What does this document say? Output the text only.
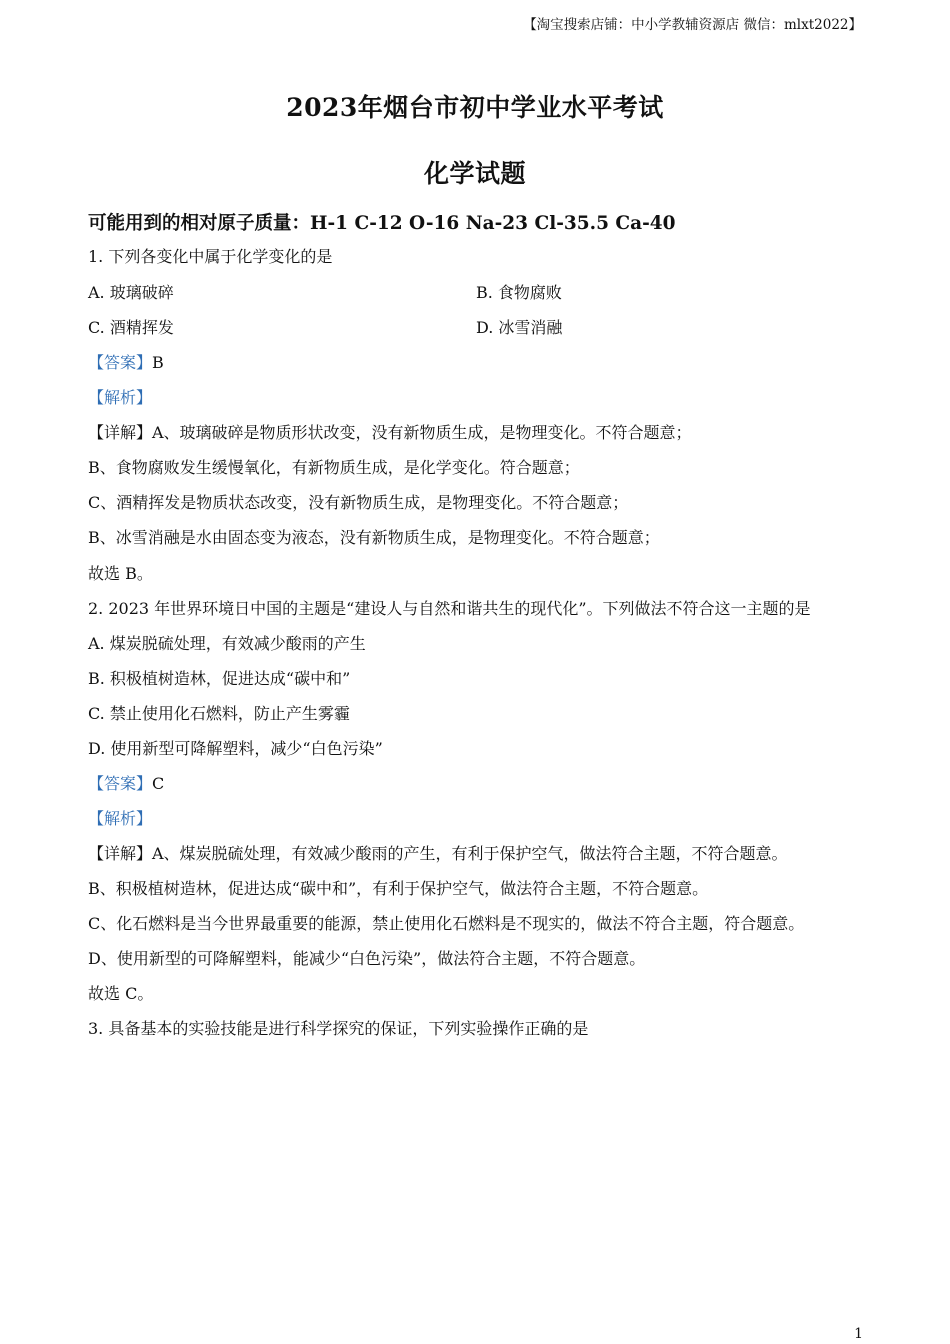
【淘宝搜索店铺：中小学教辅资源店 微信：mlxt2022】
2023年烟台市初中学业水平考试
化学试题
可能用到的相对原子质量：H-1 C-12 O-16 Na-23 Cl-35.5 Ca-40
1. 下列各变化中属于化学变化的是
A. 玻璃破碎	B. 食物腐败
C. 酒精挥发	D. 冰雪消融
【答案】B
【解析】
【详解】A、玻璃破碎是物质形状改变，没有新物质生成，是物理变化。不符合题意；
B、食物腐败发生缓慢氧化，有新物质生成，是化学变化。符合题意；
C、酒精挥发是物质状态改变，没有新物质生成，是物理变化。不符合题意；
B、冰雪消融是水由固态变为液态，没有新物质生成，是物理变化。不符合题意；
故选 B。
2. 2023 年世界环境日中国的主题是“建设人与自然和谐共生的现代化”。下列做法不符合这一主题的是
A. 煤炭脱硫处理，有效减少酸雨的产生
B. 积极植树造林，促进达成“碳中和”
C. 禁止使用化石燃料，防止产生雾霾
D. 使用新型可降解塑料，减少“白色污染”
【答案】C
【解析】
【详解】A、煤炭脱硫处理，有效减少酸雨的产生，有利于保护空气，做法符合主题，不符合题意。
B、积极植树造林，促进达成“碳中和”，有利于保护空气，做法符合主题，不符合题意。
C、化石燃料是当今世界最重要的能源，禁止使用化石燃料是不现实的，做法不符合主题，符合题意。
D、使用新型的可降解塑料，能减少“白色污染”，做法符合主题，不符合题意。
故选 C。
3. 具备基本的实验技能是进行科学探究的保证，下列实验操作正确的是
1
